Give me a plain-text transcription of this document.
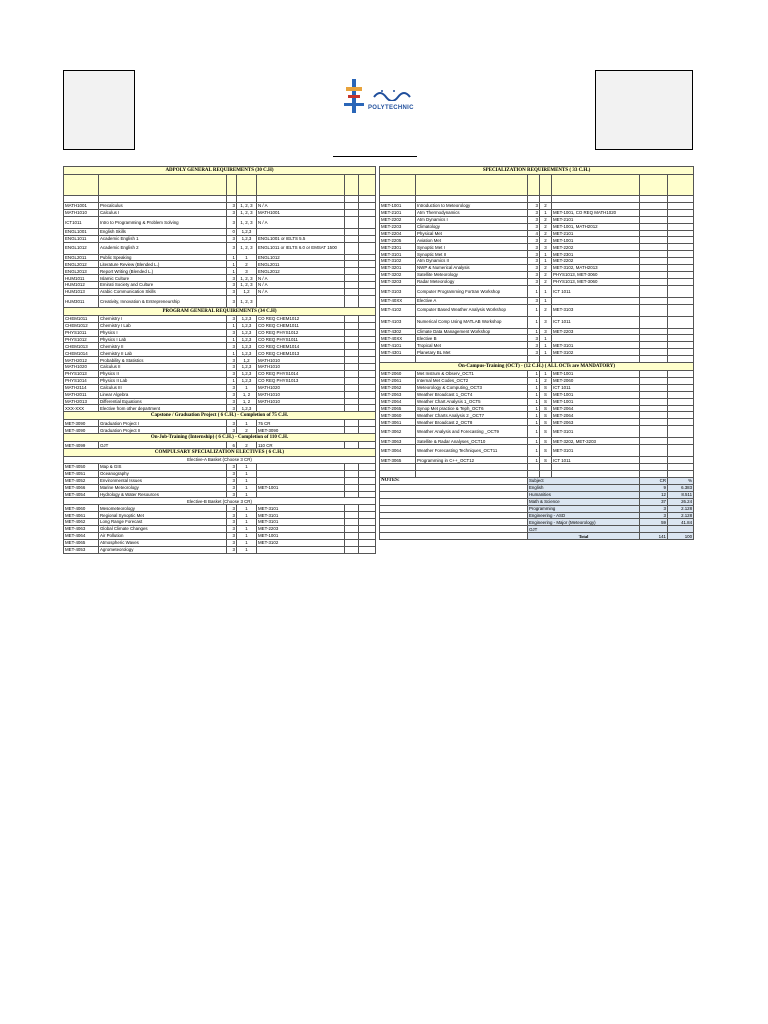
POLYTECHNIC
ADPOLY GENERAL REQUIREMENTS (30 C.H)						

MATH1001	Precalculus	3	1, 2, 3	N / A		
MATH1010	Calculus I	3	1, 2, 3	MATH1001		
ICT1011	Intro to Programming & Problem Solving	3	1, 2, 3	N / A		
ENGL1001	English Skills	0	1,2,3			
ENGL1011	Academic English 1	3	1,2,3	ENGL1001 or IELTS 5.5		
ENGL1012	Academic English 2	3	1, 2, 3	ENGL1011 or IELTS 6.0 or EMSAT 1500		
ENGL2011	Public Speaking	1	1	ENGL1012		
ENGL2012	Literature Review (Blended L.)	1	2	ENGL2011		
ENGL2013	Report Writing (Blended L.)	1	3	ENGL2012		
HUM1011	Islamic Culture	3	1, 2, 3	N / A		
HUM1012	Emirati Society and Culture	3	1, 2, 3	N / A		
HUM1013	Arabic Communication Skills	3	1,2	N / A		
HUM3011	Creativity, Innovation & Entrepreneurship	3	1, 2, 3			
PROGRAM GENERAL REQUIREMENTS (34 C.H)						
CHEM1011	Chemistry I	3	1,2,3	CO REQ CHEM1012		
CHEM1012	Chemistry I Lab	1	1,2,3	CO REQ CHEM1011		
PHYS1011	Physics I	3	1,2,3	CO REQ PHYS1012		
PHYS1012	Physics I Lab	1	1,2,3	CO REQ PHYS1011		
CHEM1013	Chemistry II	3	1,2,3	CO REQ CHEM1014		
CHEM1014	Chemistry II Lab	1	1,2,3	CO REQ CHEM1013		
MATH2012	Probability & Statistics	3	1,2	MATH1010		
MATH1020	Calculus II	3	1,2,3	MATH1010		
PHYS1013	Physics II	3	1,2,3	CO REQ PHYS1014		
PHYS1014	Physics II Lab	1	1,2,3	CO REQ PHYS1013		
MATH2114	Calculus III	3	1	MATH1020		
MATH2011	Linear Algebra	3	1, 2	MATH1010		
MATH2013	Differential Equations	3	1, 2	MATH1010		
XXX-XXX	Elective from other department	3	1,2,3			
Capstone / Graduation Project ( 6 C.H.) - Completion of 75 C.H.						
MET-3090	Graduation Project I	3	1	75 CR		
MET-4090	Graduation Project II	3	2	MET-3090		
On-Job-Training (Internship) ( 6 C.H.) - Completion of 110 C.H.						
MET-4099	OJT	6	2	110 CR		
COMPULSARY SPECIALIZATION ELECTIVES ( 6 C.H.)						
Elective-A Basket (Choose 3 CR)						
MET-4050	Map & GIS	3	1			
MET-4051	Oceanography	3	1			
MET-4052	Environmental Issues	3	1			
MET-4066	Marine Meteorology	3	1	MET-1001		
MET-4054	Hydrology & Water Resources	3	1			
Elective-B Basket (Choose 3 CR)						
MET-4060	Mesometeorology	3	1	MET-3101		
MET-4061	Regional Synoptic Met	3	1	MET-3101		
MET-4062	Long Range Forecast	3	1	MET-3101		
MET-4063	Global Climate Changes	3	1	MET-2203		
MET-4064	Air Pollution	3	1	MET-1001		
MET-4065	Atmospheric Waves	3	1	MET-3102		
MET-4053	Agrometeorology	3	1			
SPECIALIZATION REQUIREMENTS ( 33 C.H.)						

MET-1001	Introduction to Meteorology	3	2			
MET-2101	Atm Thermodynamics	3	1	MET-1001, CO REQ MATH1020		
MET-2202	Atm Dynamics I	3	2	MET-2101		
MET-2203	Climatology	3	2	MET-1001, MATH2012		
MET-2204	Physical Met	4	2	MET-2101		
MET-2205	Aviation Met	3	2	MET-1001		
MET-2301	Synoptic Met I	3	3	MET-2202		
MET-3101	Synoptic Met II	3	1	MET-2301		
MET-3102	Atm Dynamics II	3	1	MET-2202		
MET-3201	NWP & Numerical Analysis	3	2	MET-3102, MATH2013		
MET-3202	Satellite Meteorology	3	2	PHYS1013, MET-3060		
MET-3203	Radar Meteorology	3	2	PHYS1013, MET-3060		
MET-3103	Computer Programming Fortran Workshop	1	1	ICT 1011		
MET-40XX	Elective A	3	1			
MET-4102	Computer Based Weather Analysis Workshop	1	2	MET-3103		
MET-4103	Numerical Comp Using MATLAB Workshop	1	3	ICT 1011		
MET-4302	Climate Data Management Workshop	1	3	MET-2203		
MET-40XX	Elective B	3	1			
MET-4101	Tropical Met	3	1	MET-3101		
MET-4301	Planetary BL Met	3	1	MET-3102		

On-Campus-Training (OCT) - (12 C.H.) ( ALL OCTs are MANDATORY)						
MET-2060	Met Instrum & Observ_OCT1	1	1	MET-1001		
MET-2061	Internal Met Codes_OCT2	1	2	MET-2060		
MET-2062	Meteorology & Computing_OCT3	1	S	ICT 1011		
MET-2063	Weather Broadcast 1_OCT4	1	S	MET-1001		
MET-2064	Weather Chart Analysis 1_OCT5	1	S	MET-1001		
MET-2065	Synop Met practice & Teph_OCT6	1	S	MET-2064		
MET-3060	Weather Charts Analysis 2 _OCT7	1	S	MET-2064		
MET-3061	Weather Broadcast 2_OCT8	1	S	MET-2063		
MET-3062	Weather Analysis and Forecasting _OCT9	1	S	MET-3101		
MET-3063	Satellite & Radar Analyses_OCT10	1	S	MET-3202, MET-3203		
MET-3064	Weather Forecasting Techniques_OCT11	1	S	MET-3101		
MET-3065	Programming in C++_OCT12	1	S	ICT 1011		

NOTES:		Subject			CR	%
		English			9	6.383
		Humanities			12	8.511
		Math & Science			37	26.24
		Programming			3	2.128
		Engineering - ASD			3	2.128
		Engineering - Major (Meteorology)			59	41.84
		OJT				
		Total			141	100
